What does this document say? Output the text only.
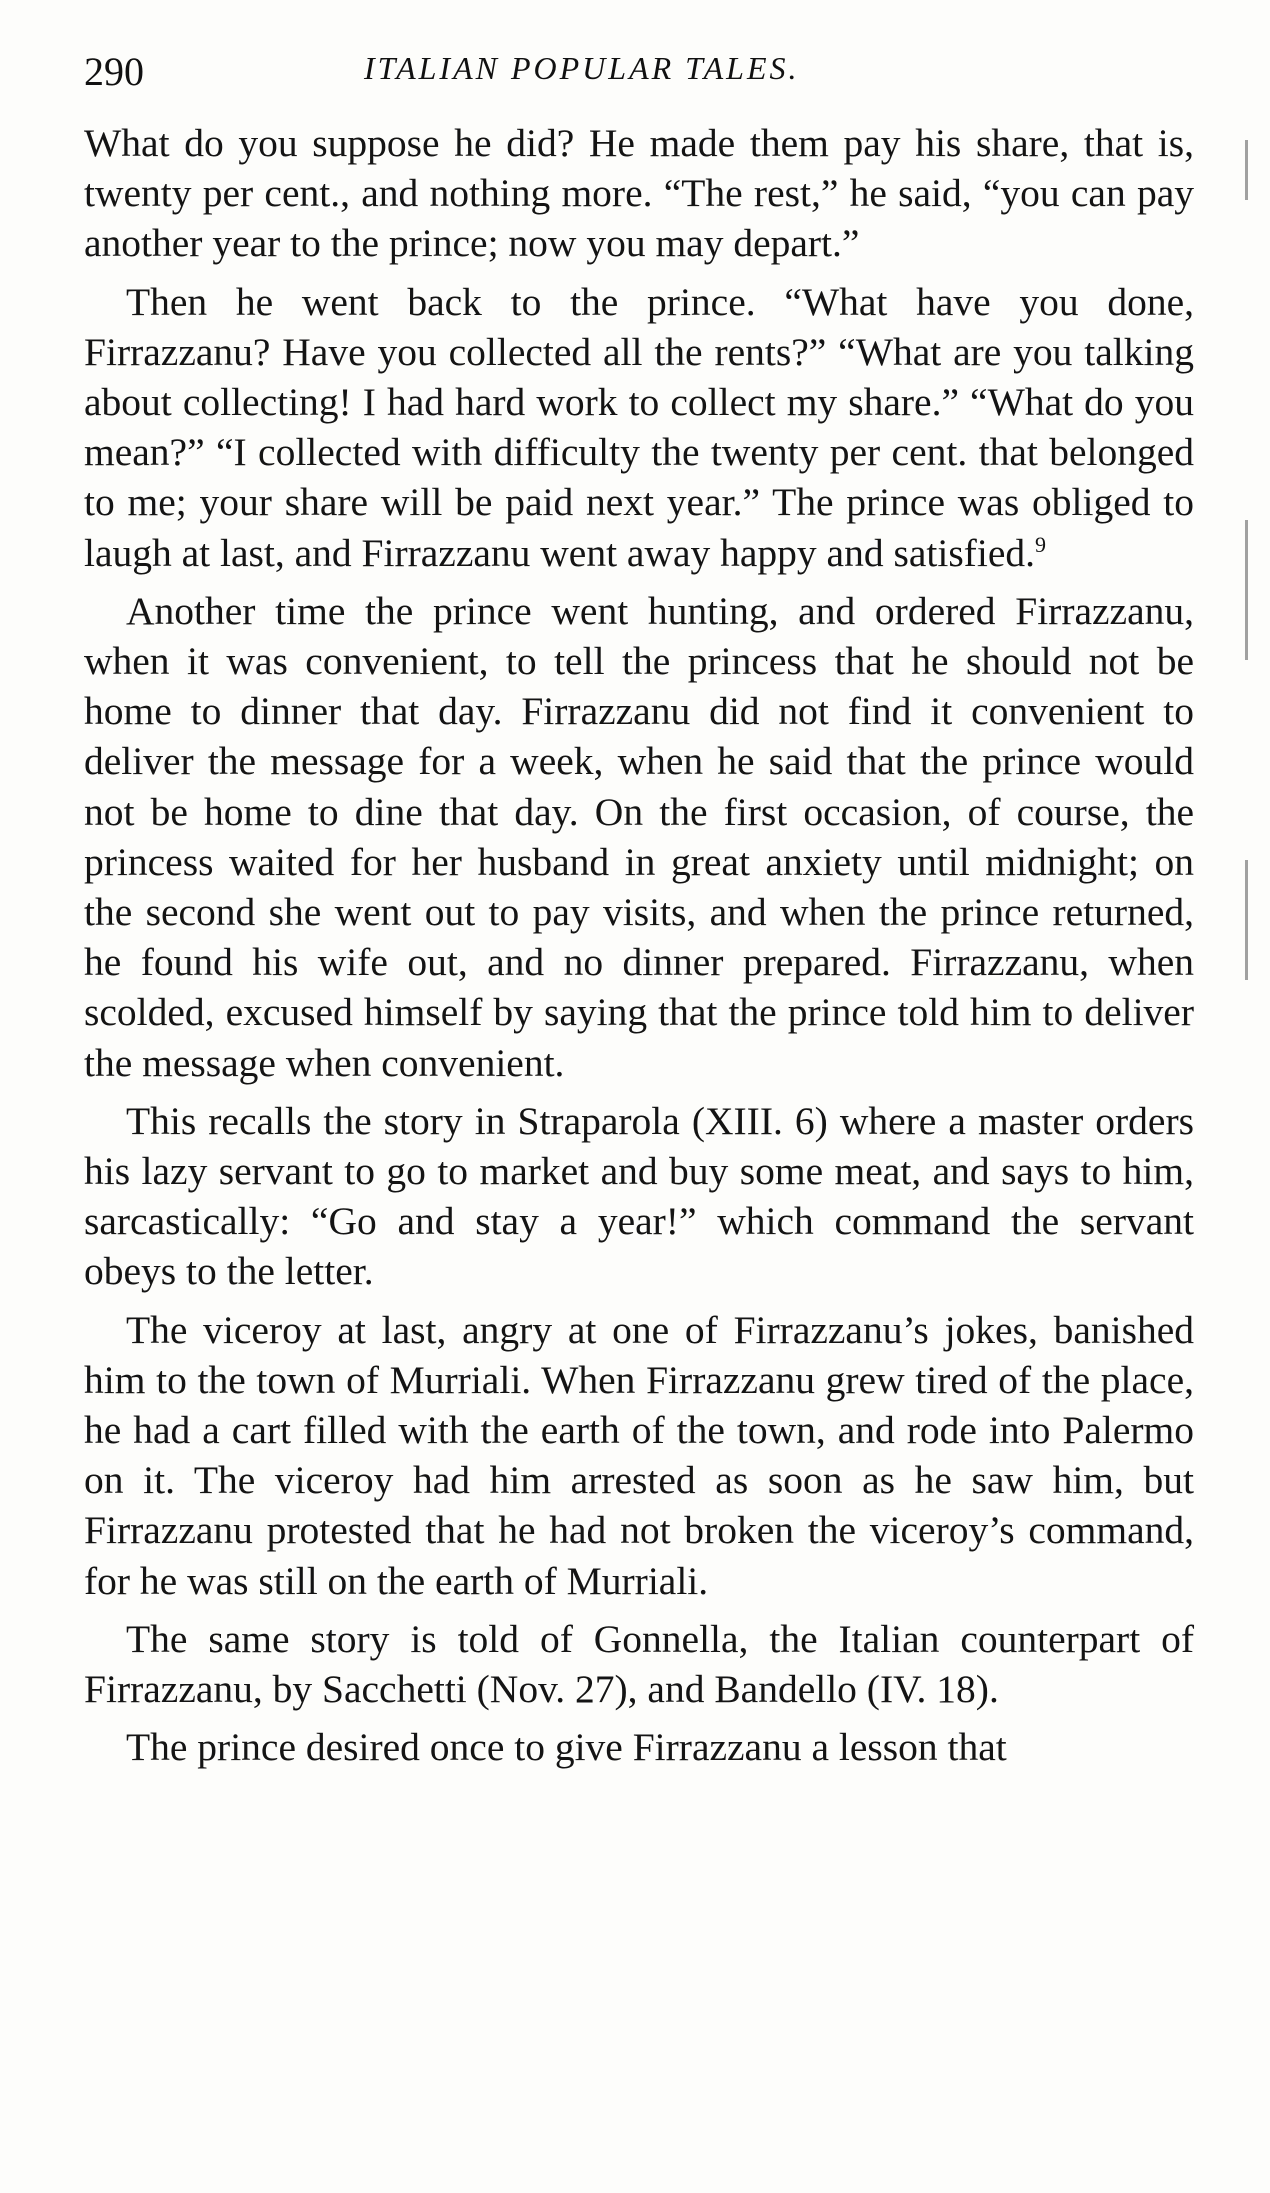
290	ITALIAN POPULAR TALES.

What do you suppose he did? He made them pay his share, that is, twenty per cent., and nothing more. “The rest,” he said, “you can pay another year to the prince; now you may depart.”

Then he went back to the prince. “What have you done, Firrazzanu? Have you collected all the rents?” “What are you talking about collecting! I had hard work to collect my share.” “What do you mean?” “I collected with difficulty the twenty per cent. that belonged to me; your share will be paid next year.” The prince was obliged to laugh at last, and Firrazzanu went away happy and satisfied.$^9$

Another time the prince went hunting, and ordered Firrazzanu, when it was convenient, to tell the princess that he should not be home to dinner that day. Firrazzanu did not find it convenient to deliver the message for a week, when he said that the prince would not be home to dine that day. On the first occasion, of course, the princess waited for her husband in great anxiety until midnight; on the second she went out to pay visits, and when the prince returned, he found his wife out, and no dinner prepared. Firrazzanu, when scolded, excused himself by saying that the prince told him to deliver the message when convenient.

This recalls the story in Straparola (XIII. 6) where a master orders his lazy servant to go to market and buy some meat, and says to him, sarcastically: “Go and stay a year!” which command the servant obeys to the letter.

The viceroy at last, angry at one of Firrazzanu’s jokes, banished him to the town of Murriali. When Firrazzanu grew tired of the place, he had a cart filled with the earth of the town, and rode into Palermo on it. The viceroy had him arrested as soon as he saw him, but Firrazzanu protested that he had not broken the viceroy’s command, for he was still on the earth of Murriali.

The same story is told of Gonnella, the Italian counterpart of Firrazzanu, by Sacchetti (Nov. 27), and Bandello (IV. 18).

The prince desired once to give Firrazzanu a lesson that
